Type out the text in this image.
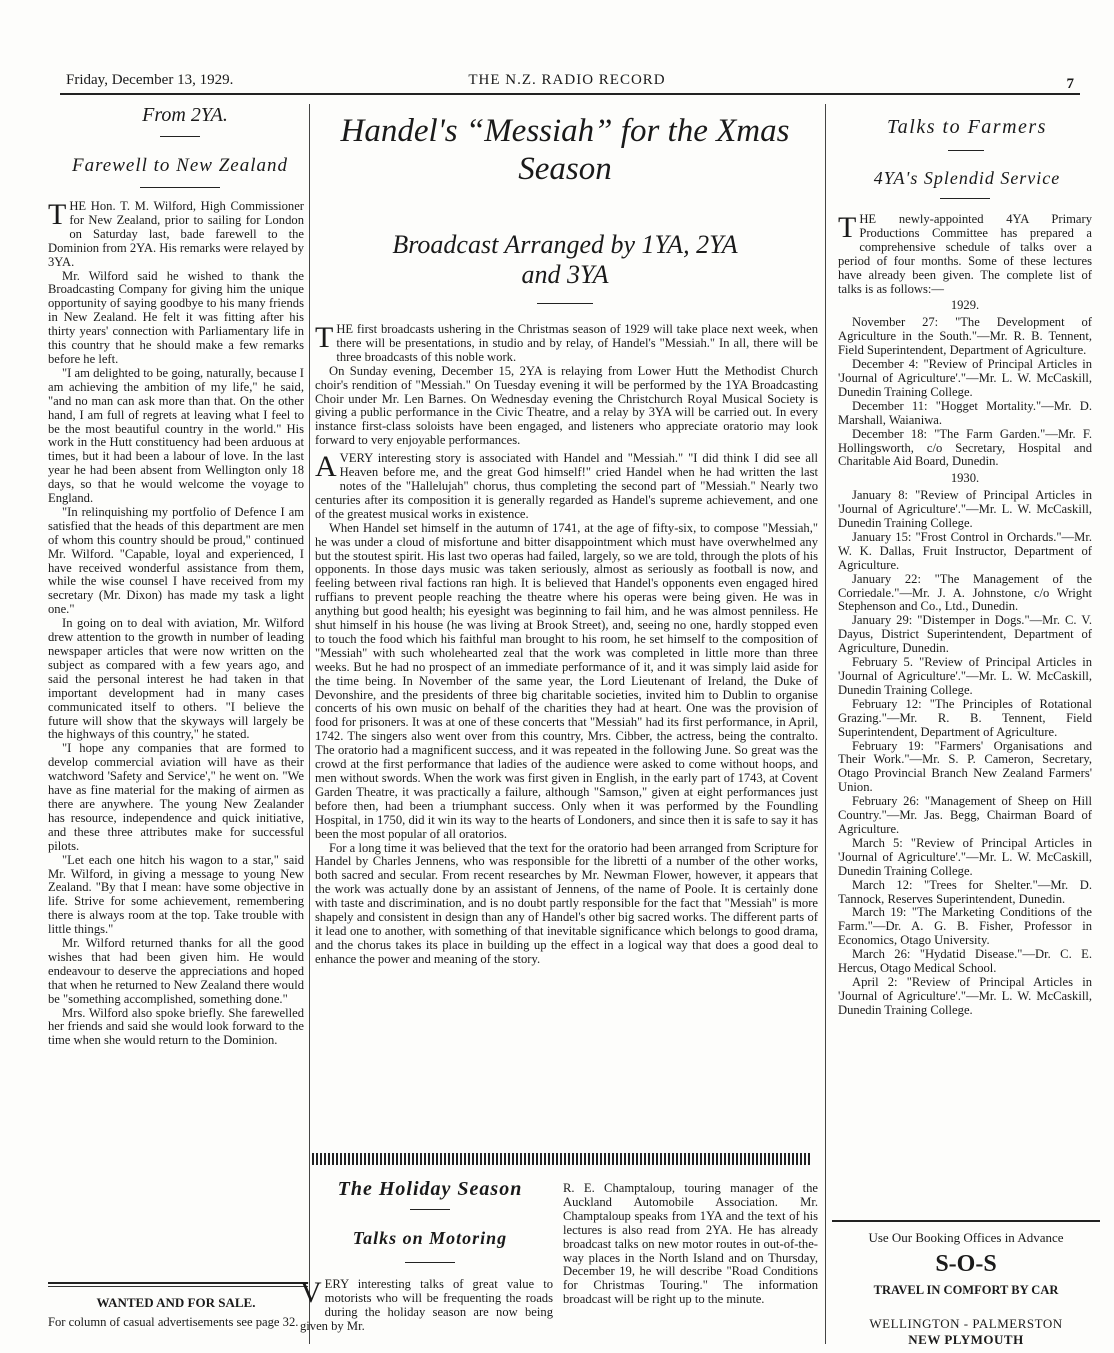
Friday, December 13, 1929.	THE N.Z. RADIO RECORD	7
From 2YA.
Farewell to New Zealand

THE Hon. T. M. Wilford, High Commissioner for New Zealand, prior to sailing for London on Saturday last, bade farewell to the Dominion from 2YA. His remarks were relayed by 3YA.

Mr. Wilford said he wished to thank the Broadcasting Company for giving him the unique opportunity of saying goodbye to his many friends in New Zealand. He felt it was fitting after his thirty years' connection with Parliamentary life in this country that he should make a few remarks before he left.

"I am delighted to be going, naturally, because I am achieving the ambition of my life," he said, "and no man can ask more than that. On the other hand, I am full of regrets at leaving what I feel to be the most beautiful country in the world." His work in the Hutt constituency had been arduous at times, but it had been a labour of love. In the last year he had been absent from Wellington only 18 days, so that he would welcome the voyage to England.

"In relinquishing my portfolio of Defence I am satisfied that the heads of this department are men of whom this country should be proud," continued Mr. Wilford. "Capable, loyal and experienced, I have received wonderful assistance from them, while the wise counsel I have received from my secretary (Mr. Dixon) has made my task a light one."

In going on to deal with aviation, Mr. Wilford drew attention to the growth in number of leading newspaper articles that were now written on the subject as compared with a few years ago, and said the personal interest he had taken in that important development had in many cases communicated itself to others. "I believe the future will show that the skyways will largely be the highways of this country," he stated.

"I hope any companies that are formed to develop commercial aviation will have as their watchword 'Safety and Service'," he went on. "We have as fine material for the making of airmen as there are anywhere. The young New Zealander has resource, independence and quick initiative, and these three attributes make for successful pilots.

"Let each one hitch his wagon to a star," said Mr. Wilford, in giving a message to young New Zealand. "By that I mean: have some objective in life. Strive for some achievement, remembering there is always room at the top. Take trouble with little things."

Mr. Wilford returned thanks for all the good wishes that had been given him. He would endeavour to deserve the appreciations and hoped that when he returned to New Zealand there would be "something accomplished, something done."

Mrs. Wilford also spoke briefly. She farewelled her friends and said she would look forward to the time when she would return to the Dominion.

WANTED AND FOR SALE.
For column of casual advertisements see page 32.
Handel's “Messiah” for the Xmas
Season
Broadcast Arranged by 1YA, 2YA
and 3YA

THE first broadcasts ushering in the Christmas season of 1929 will take place next week, when there will be presentations, in studio and by relay, of Handel's "Messiah." In all, there will be three broadcasts of this noble work.

On Sunday evening, December 15, 2YA is relaying from Lower Hutt the Methodist Church choir's rendition of "Messiah." On Tuesday evening it will be performed by the 1YA Broadcasting Choir under Mr. Len Barnes. On Wednesday evening the Christchurch Royal Musical Society is giving a public performance in the Civic Theatre, and a relay by 3YA will be carried out. In every instance first-class soloists have been engaged, and listeners who appreciate oratorio may look forward to very enjoyable performances.

AVERY interesting story is associated with Handel and "Messiah." "I did think I did see all Heaven before me, and the great God himself!" cried Handel when he had written the last notes of the "Hallelujah" chorus, thus completing the second part of "Messiah." Nearly two centuries after its composition it is generally regarded as Handel's supreme achievement, and one of the greatest musical works in existence.

When Handel set himself in the autumn of 1741, at the age of fifty-six, to compose "Messiah," he was under a cloud of misfortune and bitter disappointment which must have overwhelmed any but the stoutest spirit. His last two operas had failed, largely, so we are told, through the plots of his opponents. In those days music was taken seriously, almost as seriously as football is now, and feeling between rival factions ran high. It is believed that Handel's opponents even engaged hired ruffians to prevent people reaching the theatre where his operas were being given. He was in anything but good health; his eyesight was beginning to fail him, and he was almost penniless. He shut himself in his house (he was living at Brook Street), and, seeing no one, hardly stopped even to touch the food which his faithful man brought to his room, he set himself to the composition of "Messiah" with such wholehearted zeal that the work was completed in little more than three weeks. But he had no prospect of an immediate performance of it, and it was simply laid aside for the time being. In November of the same year, the Lord Lieutenant of Ireland, the Duke of Devonshire, and the presidents of three big charitable societies, invited him to Dublin to organise concerts of his own music on behalf of the charities they had at heart. One was the provision of food for prisoners. It was at one of these concerts that "Messiah" had its first performance, in April, 1742. The singers also went over from this country, Mrs. Cibber, the actress, being the contralto. The oratorio had a magnificent success, and it was repeated in the following June. So great was the crowd at the first performance that ladies of the audience were asked to come without hoops, and men without swords. When the work was first given in English, in the early part of 1743, at Covent Garden Theatre, it was practically a failure, although "Samson," given at eight performances just before then, had been a triumphant success. Only when it was performed by the Foundling Hospital, in 1750, did it win its way to the hearts of Londoners, and since then it is safe to say it has been the most popular of all oratorios.

For a long time it was believed that the text for the oratorio had been arranged from Scripture for Handel by Charles Jennens, who was responsible for the libretti of a number of the other works, both sacred and secular. From recent researches by Mr. Newman Flower, however, it appears that the work was actually done by an assistant of Jennens, of the name of Poole. It is certainly done with taste and discrimination, and is no doubt partly responsible for the fact that "Messiah" is more shapely and consistent in design than any of Handel's other big sacred works. The different parts of it lead one to another, with something of that inevitable significance which belongs to good drama, and the chorus takes its place in building up the effect in a logical way that does a good deal to enhance the power and meaning of the story.

The Holiday Season
Talks on Motoring

VERY interesting talks of great value to motorists who will be frequenting the roads during the holiday season are now being given by Mr.

R. E. Champtaloup, touring manager of the Auckland Automobile Association. Mr. Champtaloup speaks from 1YA and the text of his lectures is also read from 2YA. He has already broadcast talks on new motor routes in out-of-the-way places in the North Island and on Thursday, December 19, he will describe "Road Conditions for Christmas Touring." The information broadcast will be right up to the minute.

Talks to Farmers
4YA's Splendid Service

THE newly-appointed 4YA Primary Productions Committee has prepared a comprehensive schedule of talks over a period of four months. Some of these lectures have already been given. The complete list of talks is as follows:—

1929.

November 27: "The Development of Agriculture in the South."—Mr. R. B. Tennent, Field Superintendent, Department of Agriculture.

December 4: "Review of Principal Articles in 'Journal of Agriculture'."—Mr. L. W. McCaskill, Dunedin Training College.

December 11: "Hogget Mortality."—Mr. D. Marshall, Waianiwa.

December 18: "The Farm Garden."—Mr. F. Hollingsworth, c/o Secretary, Hospital and Charitable Aid Board, Dunedin.

1930.

January 8: "Review of Principal Articles in 'Journal of Agriculture'."—Mr. L. W. McCaskill, Dunedin Training College.

January 15: "Frost Control in Orchards."—Mr. W. K. Dallas, Fruit Instructor, Department of Agriculture.

January 22: "The Management of the Corriedale."—Mr. J. A. Johnstone, c/o Wright Stephenson and Co., Ltd., Dunedin.

January 29: "Distemper in Dogs."—Mr. C. V. Dayus, District Superintendent, Department of Agriculture, Dunedin.

February 5. "Review of Principal Articles in 'Journal of Agriculture'."—Mr. L. W. McCaskill, Dunedin Training College.

February 12: "The Principles of Rotational Grazing."—Mr. R. B. Tennent, Field Superintendent, Department of Agriculture.

February 19: "Farmers' Organisations and Their Work."—Mr. S. P. Cameron, Secretary, Otago Provincial Branch New Zealand Farmers' Union.

February 26: "Management of Sheep on Hill Country."—Mr. Jas. Begg, Chairman Board of Agriculture.

March 5: "Review of Principal Articles in 'Journal of Agriculture'."—Mr. L. W. McCaskill, Dunedin Training College.

March 12: "Trees for Shelter."—Mr. D. Tannock, Reserves Superintendent, Dunedin.

March 19: "The Marketing Conditions of the Farm."—Dr. A. G. B. Fisher, Professor in Economics, Otago University.

March 26: "Hydatid Disease."—Dr. C. E. Hercus, Otago Medical School.

April 2: "Review of Principal Articles in 'Journal of Agriculture'."—Mr. L. W. McCaskill, Dunedin Training College.

Use Our Booking Offices in Advance
S-O-S
TRAVEL IN COMFORT BY CAR
WELLINGTON - PALMERSTON
NEW PLYMOUTH
